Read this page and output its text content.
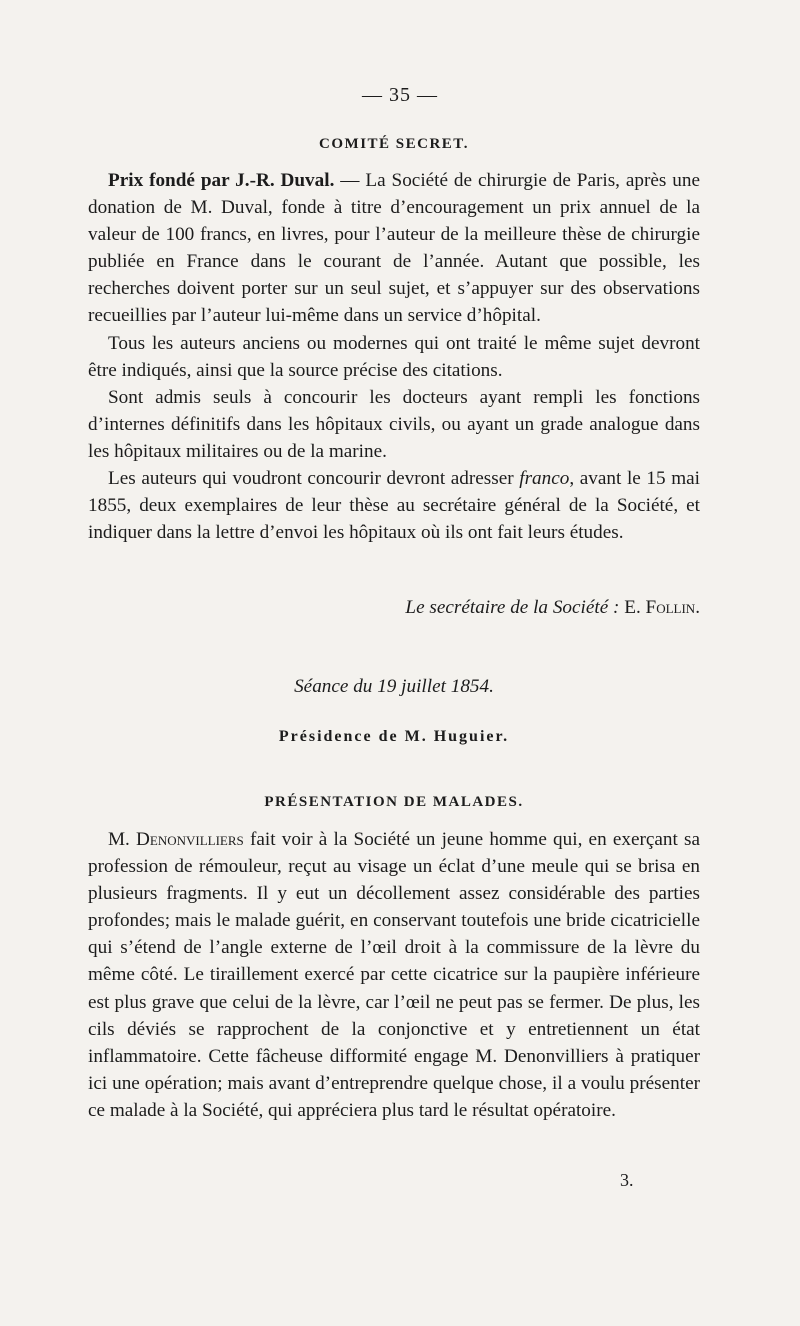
— 35 —
COMITÉ SECRET.

Prix fondé par J.-R. Duval. — La Société de chirurgie de Paris, après une donation de M. Duval, fonde à titre d’encouragement un prix annuel de la valeur de 100 francs, en livres, pour l’auteur de la meilleure thèse de chirurgie publiée en France dans le courant de l’année. Autant que possible, les recherches doivent porter sur un seul sujet, et s’appuyer sur des observations recueillies par l’auteur lui-même dans un service d’hôpital.

Tous les auteurs anciens ou modernes qui ont traité le même sujet devront être indiqués, ainsi que la source précise des citations.

Sont admis seuls à concourir les docteurs ayant rempli les fonctions d’internes définitifs dans les hôpitaux civils, ou ayant un grade analogue dans les hôpitaux militaires ou de la marine.

Les auteurs qui voudront concourir devront adresser franco, avant le 15 mai 1855, deux exemplaires de leur thèse au secrétaire général de la Société, et indiquer dans la lettre d’envoi les hôpitaux où ils ont fait leurs études.

Le secrétaire de la Société : E. Follin.
Séance du 19 juillet 1854.
Présidence de M. Huguier.
PRÉSENTATION DE MALADES.

M. Denonvilliers fait voir à la Société un jeune homme qui, en exerçant sa profession de rémouleur, reçut au visage un éclat d’une meule qui se brisa en plusieurs fragments. Il y eut un décollement assez considérable des parties profondes; mais le malade guérit, en conservant toutefois une bride cicatricielle qui s’étend de l’angle externe de l’œil droit à la commissure de la lèvre du même côté. Le tiraillement exercé par cette cicatrice sur la paupière inférieure est plus grave que celui de la lèvre, car l’œil ne peut pas se fermer. De plus, les cils déviés se rapprochent de la conjonctive et y entretiennent un état inflammatoire. Cette fâcheuse difformité engage M. Denonvilliers à pratiquer ici une opération; mais avant d’entreprendre quelque chose, il a voulu présenter ce malade à la Société, qui appréciera plus tard le résultat opératoire.

3.
